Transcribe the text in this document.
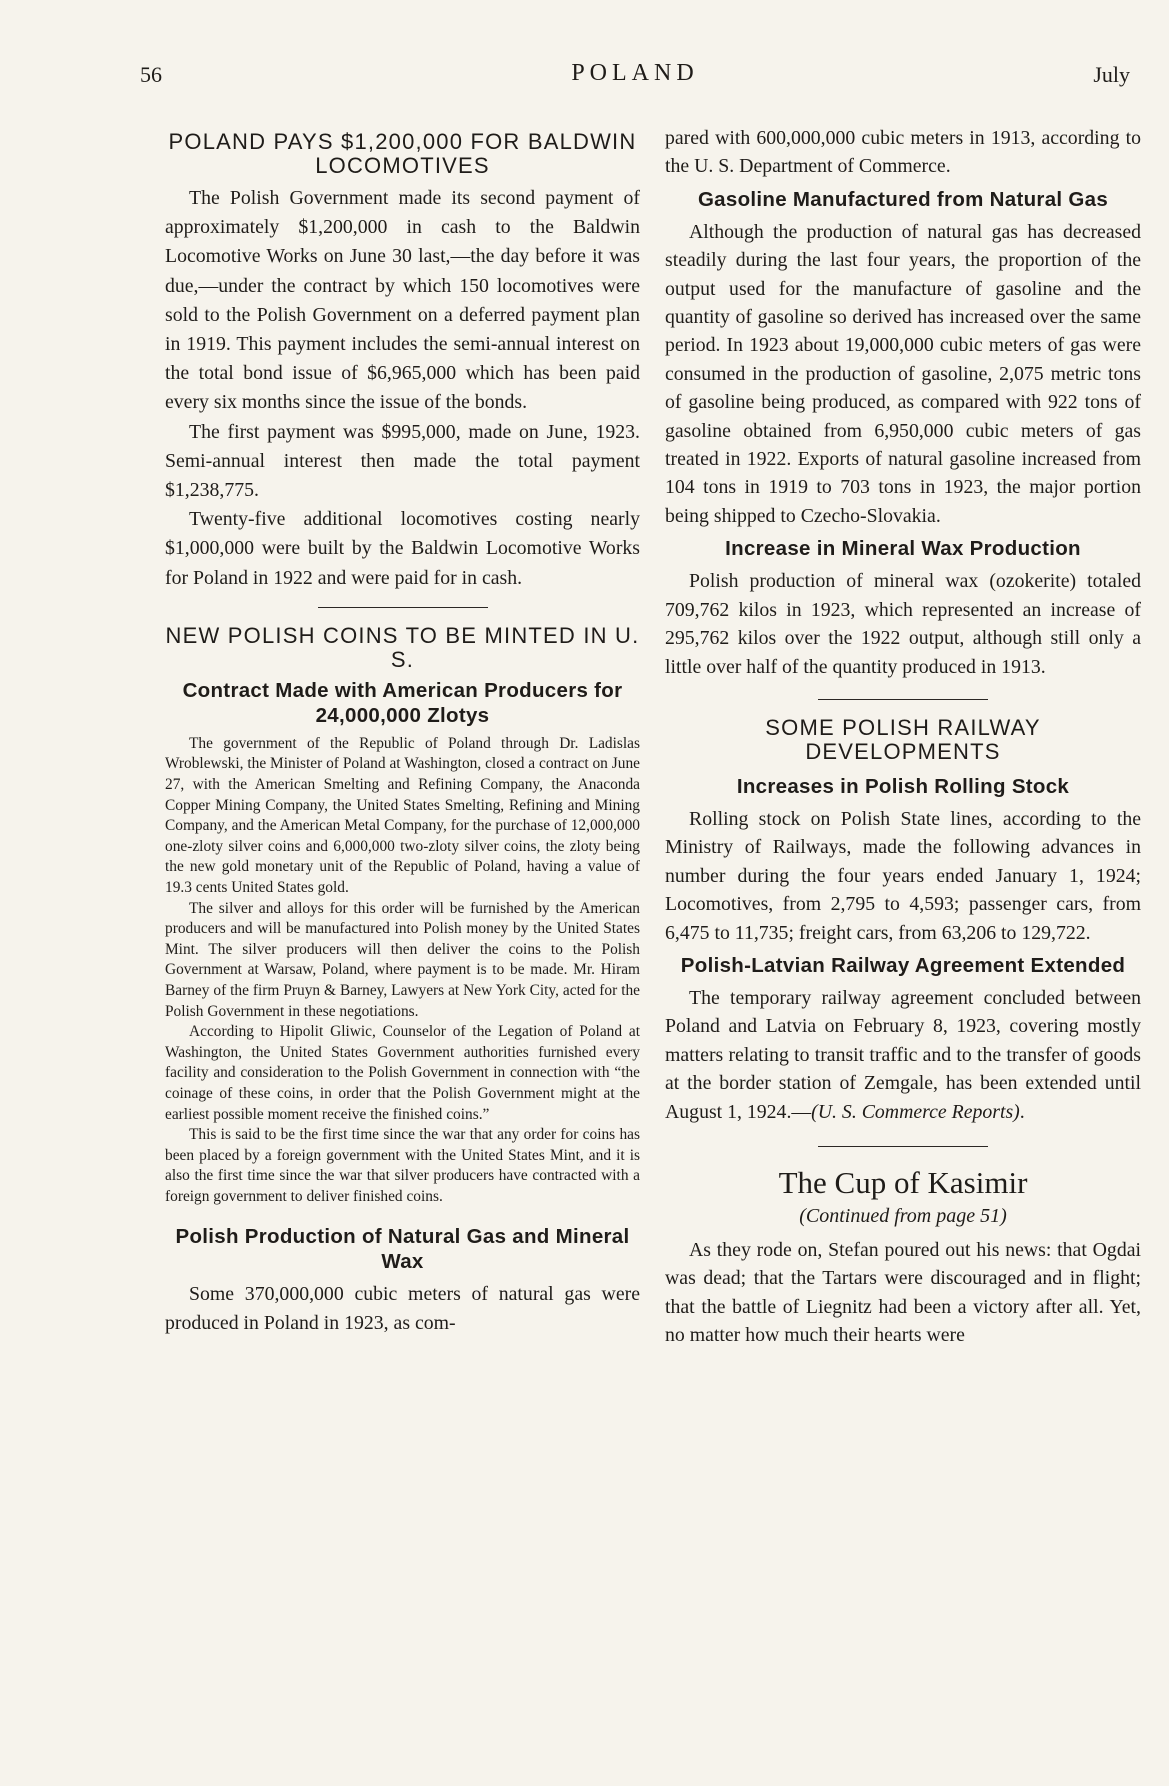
56	POLAND	July
POLAND PAYS $1,200,000 FOR BALDWIN LOCOMOTIVES

The Polish Government made its second payment of approximately $1,200,000 in cash to the Baldwin Locomotive Works on June 30 last,—the day before it was due,—under the contract by which 150 locomotives were sold to the Polish Government on a deferred payment plan in 1919. This payment includes the semi-annual interest on the total bond issue of $6,965,000 which has been paid every six months since the issue of the bonds.

The first payment was $995,000, made on June, 1923. Semi-annual interest then made the total payment $1,238,775.

Twenty-five additional locomotives costing nearly $1,000,000 were built by the Baldwin Locomotive Works for Poland in 1922 and were paid for in cash.

NEW POLISH COINS TO BE MINTED IN U. S.
Contract Made with American Producers for 24,000,000 Zlotys

The government of the Republic of Poland through Dr. Ladislas Wroblewski, the Minister of Poland at Washington, closed a contract on June 27, with the American Smelting and Refining Company, the Anaconda Copper Mining Company, the United States Smelting, Refining and Mining Company, and the American Metal Company, for the purchase of 12,000,000 one-zloty silver coins and 6,000,000 two-zloty silver coins, the zloty being the new gold monetary unit of the Republic of Poland, having a value of 19.3 cents United States gold.

The silver and alloys for this order will be furnished by the American producers and will be manufactured into Polish money by the United States Mint. The silver producers will then deliver the coins to the Polish Government at Warsaw, Poland, where payment is to be made. Mr. Hiram Barney of the firm Pruyn & Barney, Lawyers at New York City, acted for the Polish Government in these negotiations.

According to Hipolit Gliwic, Counselor of the Legation of Poland at Washington, the United States Government authorities furnished every facility and consideration to the Polish Government in connection with “the coinage of these coins, in order that the Polish Government might at the earliest possible moment receive the finished coins.”

This is said to be the first time since the war that any order for coins has been placed by a foreign government with the United States Mint, and it is also the first time since the war that silver producers have contracted with a foreign government to deliver finished coins.

Polish Production of Natural Gas and Mineral Wax

Some 370,000,000 cubic meters of natural gas were produced in Poland in 1923, as com-

pared with 600,000,000 cubic meters in 1913, according to the U. S. Department of Commerce.

Gasoline Manufactured from Natural Gas

Although the production of natural gas has decreased steadily during the last four years, the proportion of the output used for the manufacture of gasoline and the quantity of gasoline so derived has increased over the same period. In 1923 about 19,000,000 cubic meters of gas were consumed in the production of gasoline, 2,075 metric tons of gasoline being produced, as compared with 922 tons of gasoline obtained from 6,950,000 cubic meters of gas treated in 1922. Exports of natural gasoline increased from 104 tons in 1919 to 703 tons in 1923, the major portion being shipped to Czecho-Slovakia.

Increase in Mineral Wax Production

Polish production of mineral wax (ozokerite) totaled 709,762 kilos in 1923, which represented an increase of 295,762 kilos over the 1922 output, although still only a little over half of the quantity produced in 1913.

SOME POLISH RAILWAY DEVELOPMENTS
Increases in Polish Rolling Stock

Rolling stock on Polish State lines, according to the Ministry of Railways, made the following advances in number during the four years ended January 1, 1924; Locomotives, from 2,795 to 4,593; passenger cars, from 6,475 to 11,735; freight cars, from 63,206 to 129,722.

Polish-Latvian Railway Agreement Extended

The temporary railway agreement concluded between Poland and Latvia on February 8, 1923, covering mostly matters relating to transit traffic and to the transfer of goods at the border station of Zemgale, has been extended until August 1, 1924.—(U. S. Commerce Reports).

The Cup of Kasimir
(Continued from page 51)

As they rode on, Stefan poured out his news: that Ogdai was dead; that the Tartars were discouraged and in flight; that the battle of Liegnitz had been a victory after all. Yet, no matter how much their hearts were
